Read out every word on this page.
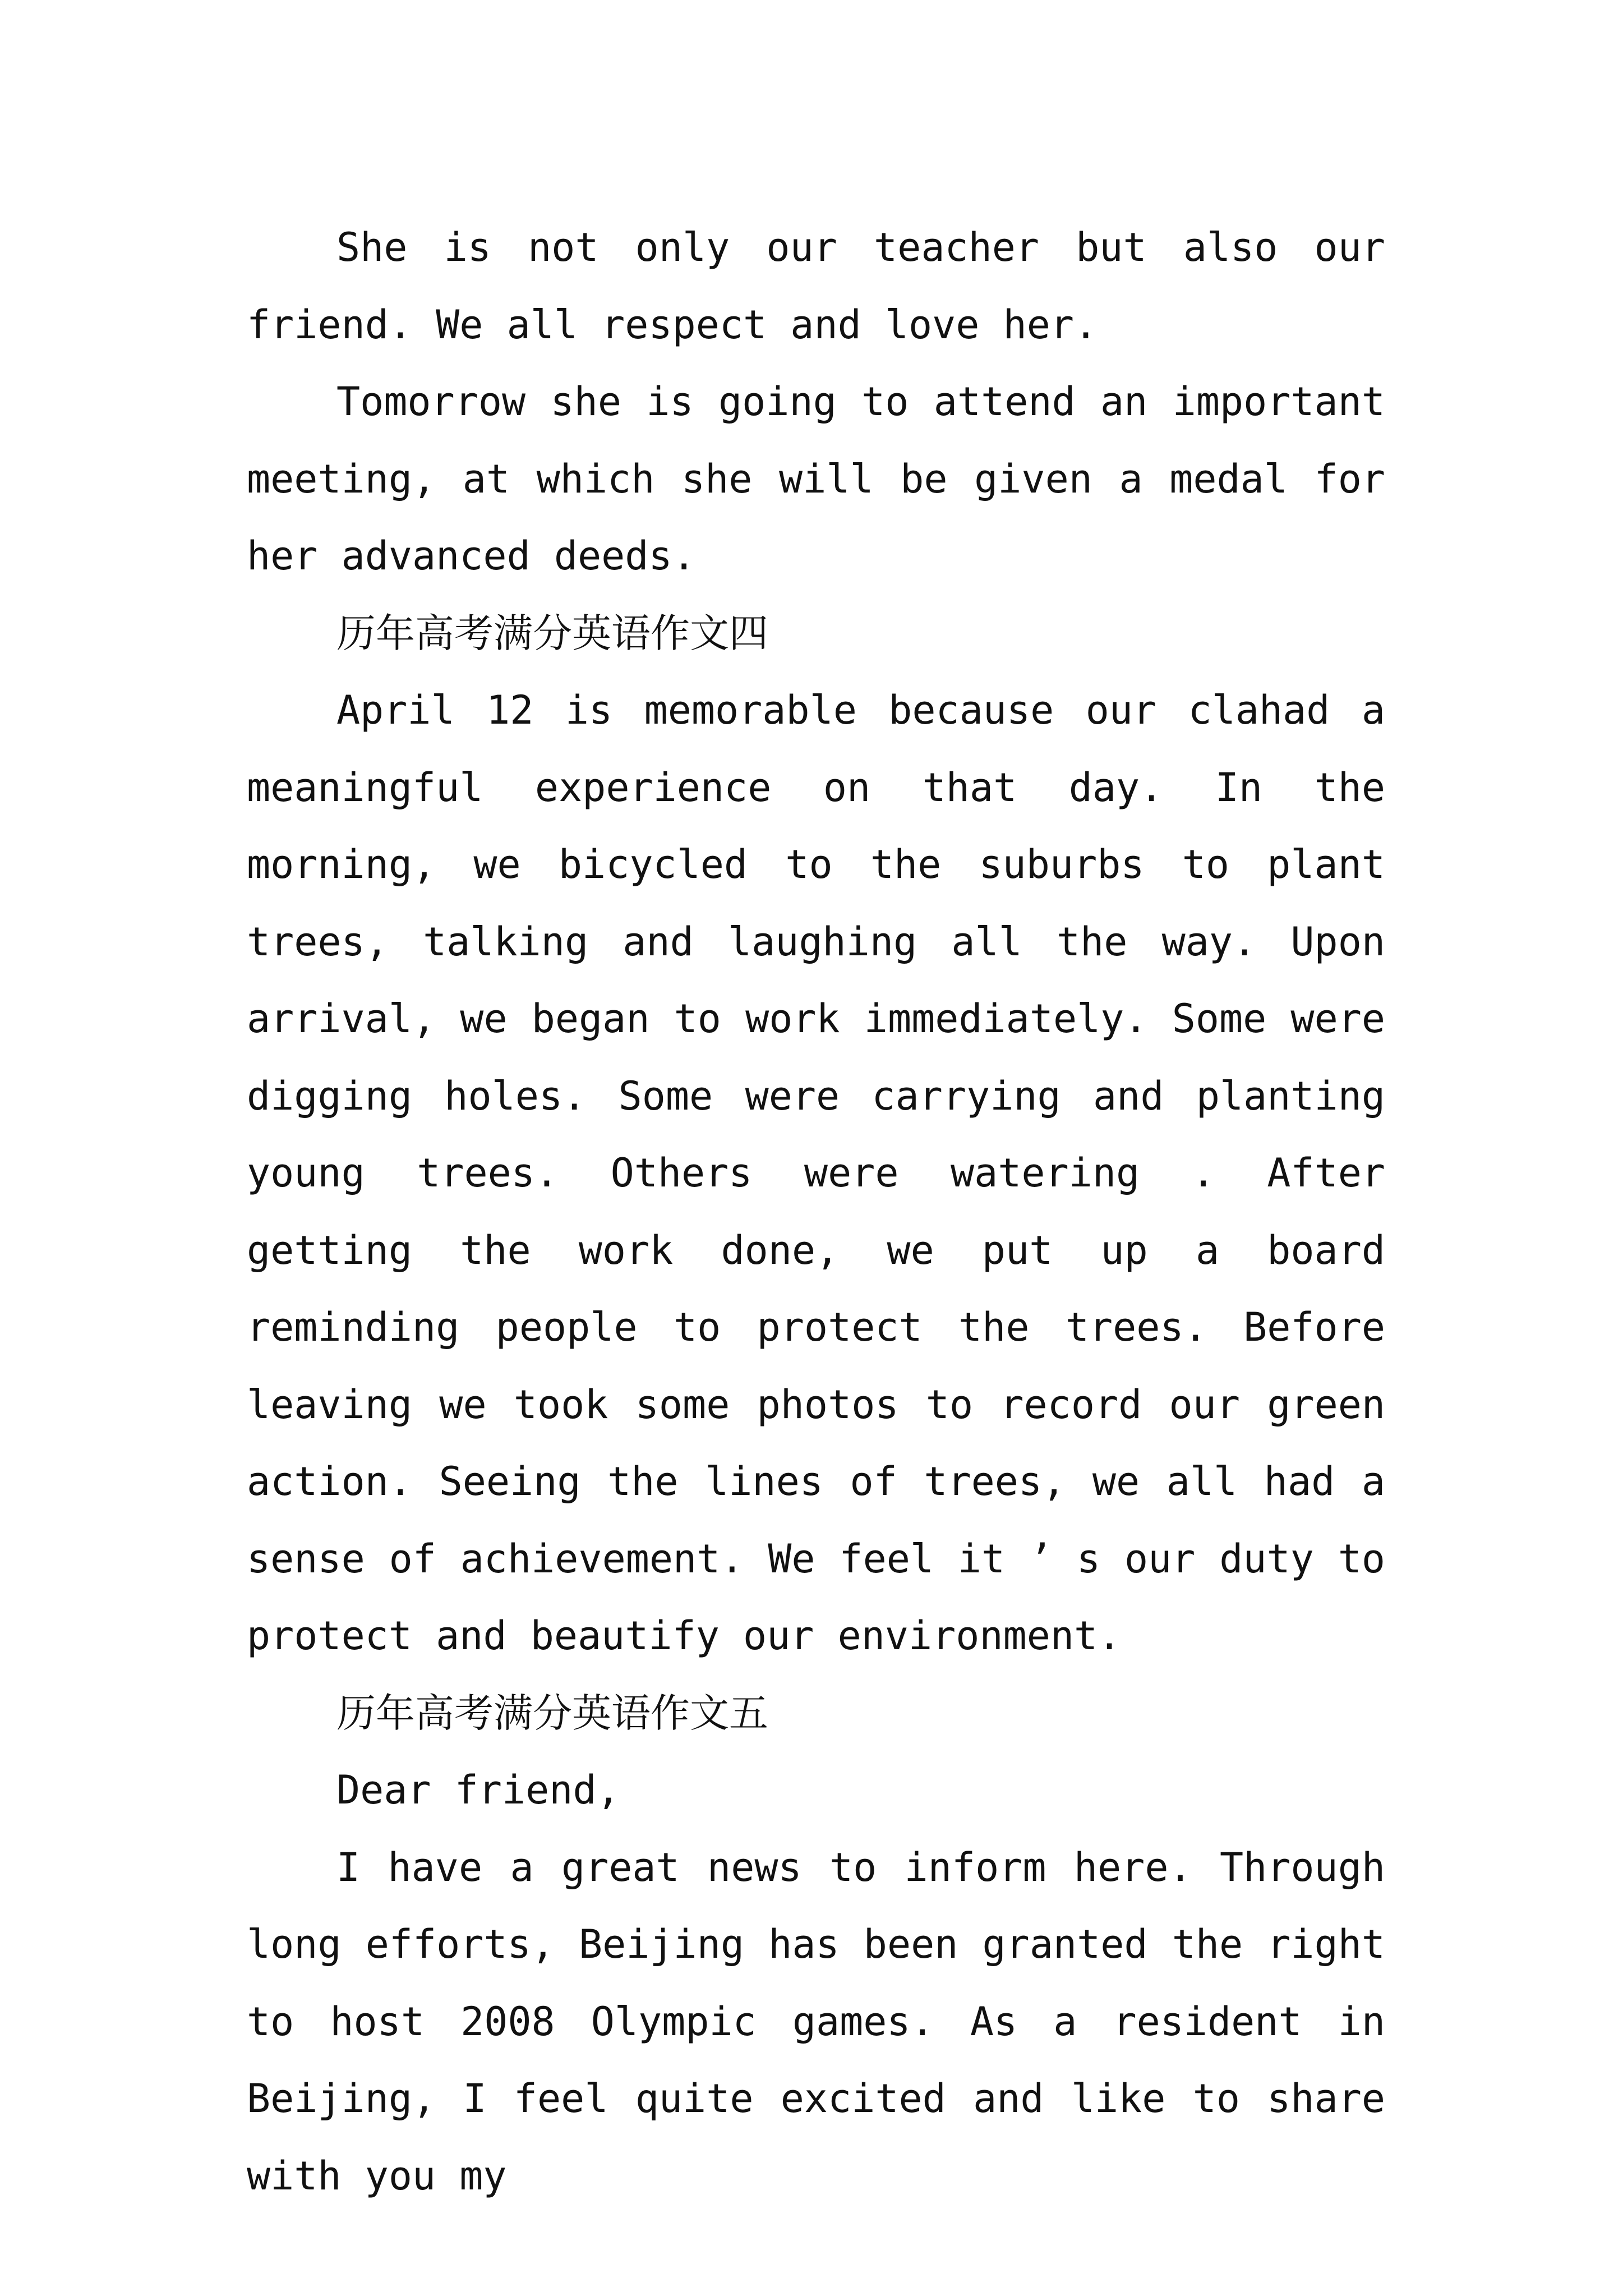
She is not only our teacher but also our friend. We all respect and love her.

Tomorrow she is going to attend an important meeting, at which she will be given a medal for her advanced deeds.

历年高考满分英语作文四

April 12 is memorable because our clahad a meaningful experience on that day. In the morning, we bicycled to the suburbs to plant trees, talking and laughing all the way. Upon arrival, we began to work immediately. Some were digging holes. Some were carrying and planting young trees. Others were watering . After getting the work done, we put up a board reminding people to protect the trees. Before leaving we took some photos to record our green action. Seeing the lines of trees, we all had a sense of achievement. We feel it ’ s our duty to protect and beautify our environment.

历年高考满分英语作文五

Dear friend,

I have a great news to inform here. Through long efforts, Beijing has been granted the right to host 2008 Olympic games. As a resident in Beijing, I feel quite excited and like to share with you my
